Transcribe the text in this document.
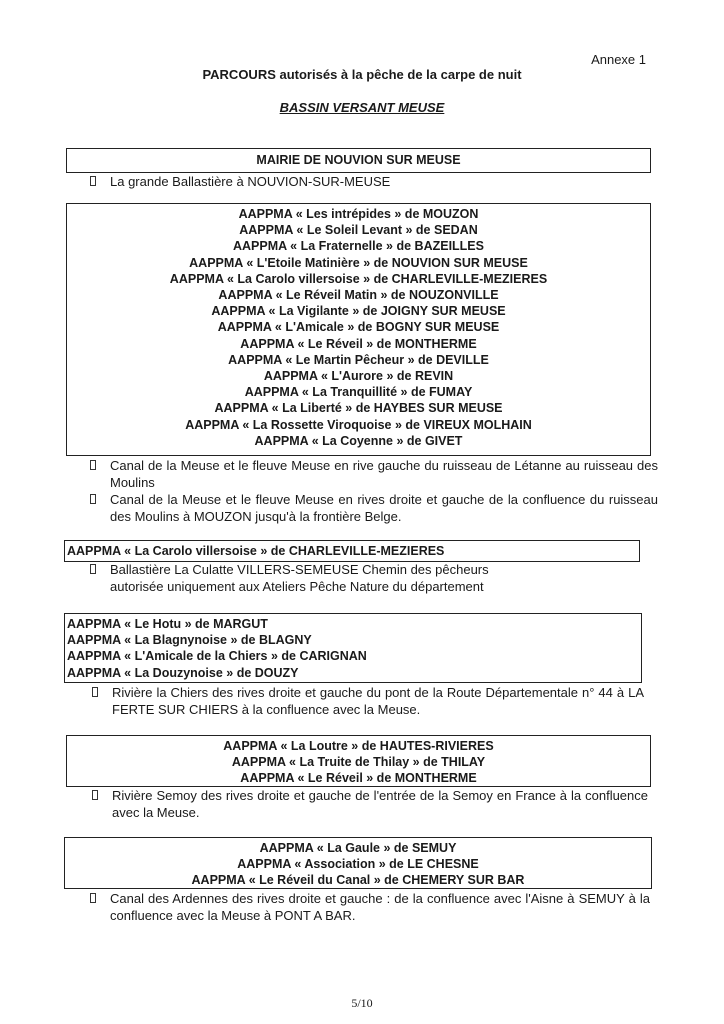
Annexe 1
PARCOURS autorisés à la pêche de la carpe de nuit
BASSIN VERSANT MEUSE
MAIRIE DE NOUVION SUR MEUSE
La grande Ballastière à NOUVION-SUR-MEUSE
AAPPMA « Les intrépides » de MOUZON
AAPPMA « Le Soleil Levant » de SEDAN
AAPPMA « La Fraternelle » de BAZEILLES
AAPPMA « L'Etoile Matinière » de NOUVION SUR MEUSE
AAPPMA « La Carolo villersoise » de CHARLEVILLE-MEZIERES
AAPPMA « Le Réveil Matin » de NOUZONVILLE
AAPPMA « La Vigilante » de JOIGNY SUR MEUSE
AAPPMA « L'Amicale » de BOGNY SUR MEUSE
AAPPMA « Le Réveil » de MONTHERME
AAPPMA « Le Martin Pêcheur » de DEVILLE
AAPPMA « L'Aurore » de REVIN
AAPPMA « La Tranquillité » de FUMAY
AAPPMA « La Liberté » de HAYBES SUR MEUSE
AAPPMA « La Rossette Viroquoise » de VIREUX MOLHAIN
AAPPMA « La Coyenne » de GIVET
Canal de la Meuse et le fleuve Meuse en rive gauche du ruisseau de Létanne au ruisseau des Moulins
Canal de la Meuse et le fleuve Meuse en rives droite et gauche de la confluence du ruisseau des Moulins à MOUZON jusqu'à la frontière Belge.
AAPPMA « La Carolo villersoise » de CHARLEVILLE-MEZIERES
Ballastière La Culatte VILLERS-SEMEUSE Chemin des pêcheurs autorisée uniquement aux Ateliers Pêche Nature du département
AAPPMA « Le Hotu » de MARGUT
AAPPMA « La Blagnynoise » de BLAGNY
AAPPMA « L'Amicale de la Chiers » de CARIGNAN
AAPPMA « La Douzynoise » de DOUZY
Rivière la Chiers des rives droite et gauche du pont de la Route Départementale n° 44 à LA FERTE SUR CHIERS à la confluence avec la Meuse.
AAPPMA « La Loutre » de HAUTES-RIVIERES
AAPPMA « La Truite de Thilay » de THILAY
AAPPMA « Le Réveil » de MONTHERME
Rivière Semoy des rives droite et gauche de l'entrée de la Semoy en France à la confluence avec la Meuse.
AAPPMA « La Gaule » de SEMUY
AAPPMA « Association » de LE CHESNE
AAPPMA « Le Réveil du Canal » de CHEMERY SUR BAR
Canal des Ardennes des rives droite et gauche : de la confluence avec l'Aisne à SEMUY à la confluence avec la Meuse à PONT A BAR.
5/10
